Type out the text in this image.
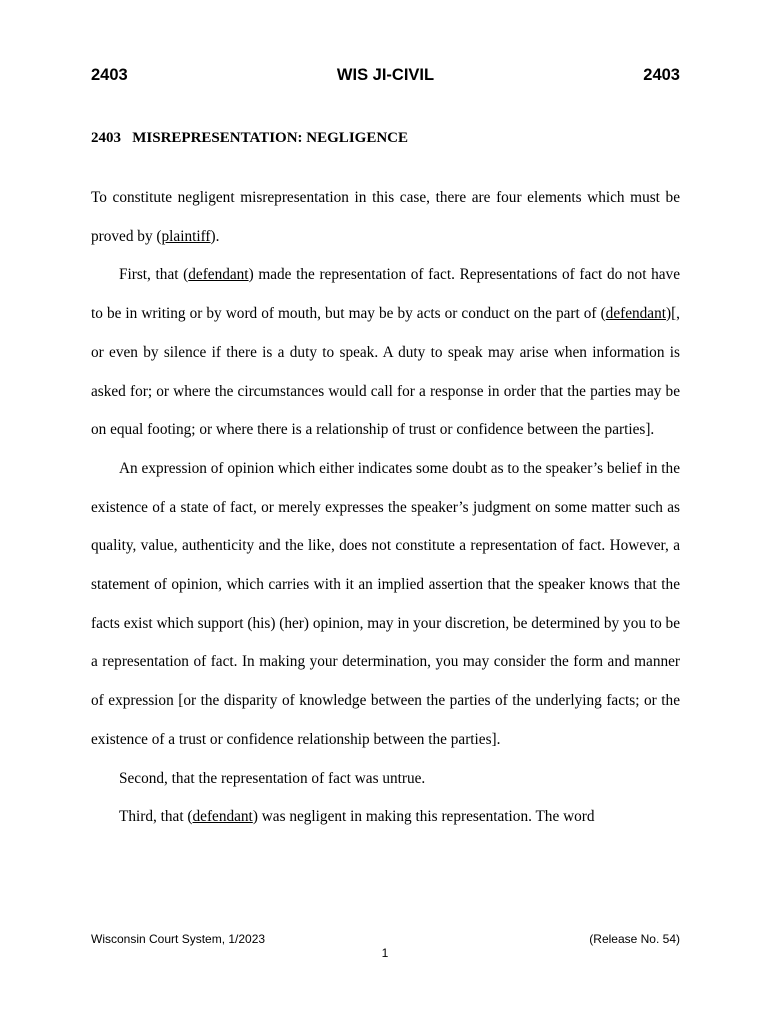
2403	WIS JI-CIVIL	2403
2403   MISREPRESENTATION: NEGLIGENCE

To constitute negligent misrepresentation in this case, there are four elements which must be proved by (plaintiff).

First, that (defendant) made the representation of fact. Representations of fact do not have to be in writing or by word of mouth, but may be by acts or conduct on the part of (defendant)[, or even by silence if there is a duty to speak. A duty to speak may arise when information is asked for; or where the circumstances would call for a response in order that the parties may be on equal footing; or where there is a relationship of trust or confidence between the parties].

An expression of opinion which either indicates some doubt as to the speaker’s belief in the existence of a state of fact, or merely expresses the speaker’s judgment on some matter such as quality, value, authenticity and the like, does not constitute a representation of fact. However, a statement of opinion, which carries with it an implied assertion that the speaker knows that the facts exist which support (his) (her) opinion, may in your discretion, be determined by you to be a representation of fact. In making your determination, you may consider the form and manner of expression [or the disparity of knowledge between the parties of the underlying facts; or the existence of a trust or confidence relationship between the parties].

Second, that the representation of fact was untrue.

Third, that (defendant) was negligent in making this representation. The word

Wisconsin Court System, 1/2023	(Release No. 54)
1
